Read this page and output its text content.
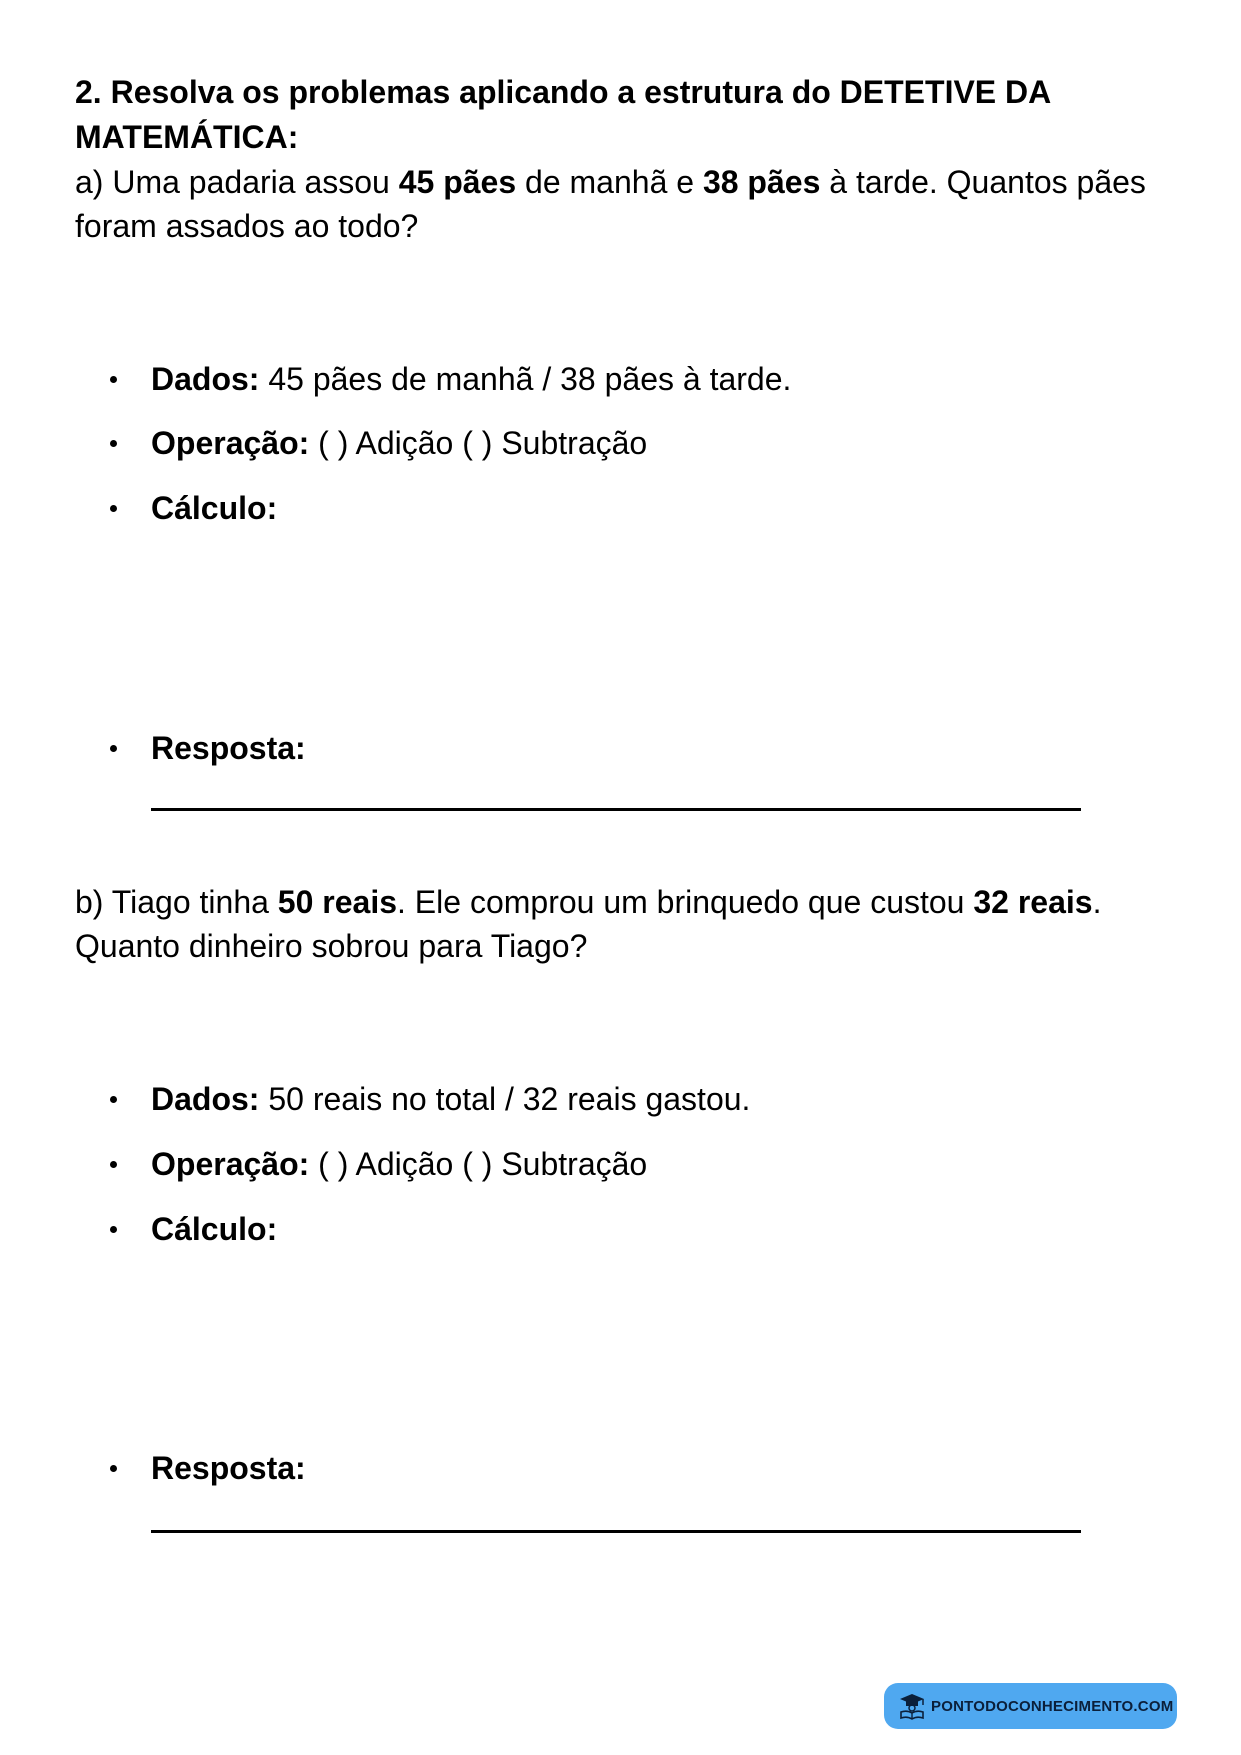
2. Resolva os problemas aplicando a estrutura do DETETIVE DA MATEMÁTICA:
a) Uma padaria assou 45 pães de manhã e 38 pães à tarde. Quantos pães foram assados ao todo?
Dados: 45 pães de manhã / 38 pães à tarde.
Operação: ( ) Adição ( ) Subtração
Cálculo:
Resposta:
b) Tiago tinha 50 reais. Ele comprou um brinquedo que custou 32 reais. Quanto dinheiro sobrou para Tiago?
Dados: 50 reais no total / 32 reais gastou.
Operação: ( ) Adição ( ) Subtração
Cálculo:
Resposta:
PONTODOCONHECIMENTO.COM
